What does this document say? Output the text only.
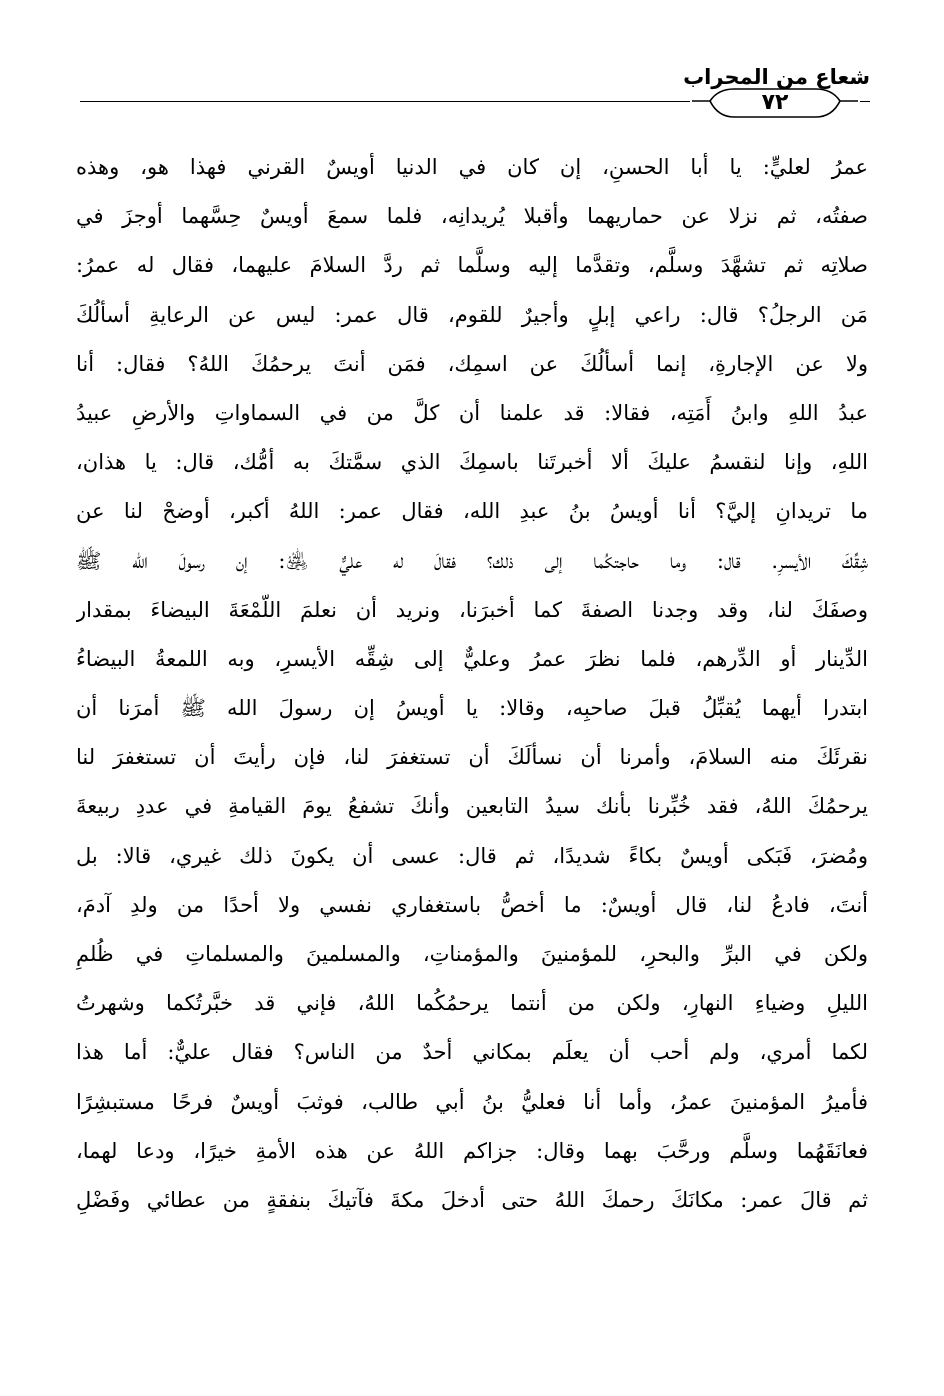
شعاع من المحراب
٧٢
عمرُ لعليٍّ: يا أبا الحسنِ، إن كان في الدنيا أويسٌ القرني فهذا هو، وهذه
صفتُه، ثم نزلا عن حماريهما وأقبلا يُريدانِه، فلما سمعَ أويسٌ حِسَّهما أوجزَ في
صلاتِه ثم تشهَّدَ وسلَّم، وتقدَّما إليه وسلَّما ثم ردَّ السلامَ عليهما، فقال له عمرُ:
مَن الرجلُ؟ قال: راعي إبلٍ وأجيرٌ للقوم، قال عمر: ليس عن الرعايةِ أسألُكَ
ولا عن الإجارةِ، إنما أسألُكَ عن اسمِك، فمَن أنتَ يرحمُكَ اللهُ؟ فقال: أنا
عبدُ اللهِ وابنُ أَمَتِه، فقالا: قد علمنا أن كلَّ من في السماواتِ والأرضِ عبيدُ
اللهِ، وإنا لنقسمُ عليكَ ألا أخبرتَنا باسمِكَ الذي سمَّتكَ به أمُّك، قال: يا هذان،
ما تريدانِ إليَّ؟ أنا أويسُ بنُ عبدِ الله، فقال عمر: اللهُ أكبر، أوضحْ لنا عن
شِقِّكَ الأيسرِ. قال: وما حاجتكُما إلى ذلك؟ فقالَ له عليٌّ ﵁: إن رسولَ الله ﷺ
وصفَكَ لنا، وقد وجدنا الصفةَ كما أخبرَنا، ونريد أن نعلمَ اللّمْعَةَ البيضاءَ بمقدار
الدِّينار أو الدِّرهم، فلما نظرَ عمرُ وعليٌّ إلى شِقِّه الأيسرِ، وبه اللمعةُ البيضاءُ
ابتدرا أيهما يُقبِّلُ قبلَ صاحبِه، وقالا: يا أويسُ إن رسولَ الله ﷺ أمرَنا أن
نقرئَكَ منه السلامَ، وأمرنا أن نسألَكَ أن تستغفرَ لنا، فإن رأيتَ أن تستغفرَ لنا
يرحمُكَ اللهُ، فقد خُبِّرنا بأنك سيدُ التابعين وأنكَ تشفعُ يومَ القيامةِ في عددِ ربيعةَ
ومُضرَ، فَبَكى أويسٌ بكاءً شديدًا، ثم قال: عسى أن يكونَ ذلك غيري، قالا: بل
أنتَ، فادعُ لنا، قال أويسٌ: ما أخصُّ باستغفاري نفسي ولا أحدًا من ولدِ آدمَ،
ولكن في البرِّ والبحرِ، للمؤمنينَ والمؤمناتِ، والمسلمينَ والمسلماتِ في ظُلمِ
الليلِ وضياءِ النهارِ، ولكن من أنتما يرحمُكُما اللهُ، فإني قد خبَّرتُكما وشهرتُ
لكما أمري، ولم أحب أن يعلَم بمكاني أحدٌ من الناس؟ فقال عليٌّ: أما هذا
فأميرُ المؤمنينَ عمرُ، وأما أنا فعليُّ بنُ أبي طالب، فوثبَ أويسٌ فرحًا مستبشِرًا
فعانَقَهُما وسلَّم ورحَّبَ بهما وقال: جزاكم اللهُ عن هذه الأمةِ خيرًا، ودعا لهما،
ثم قالَ عمر: مكانَكَ رحمكَ اللهُ حتى أدخلَ مكةَ فآتيكَ بنفقةٍ من عطائي وفَضْلِ
